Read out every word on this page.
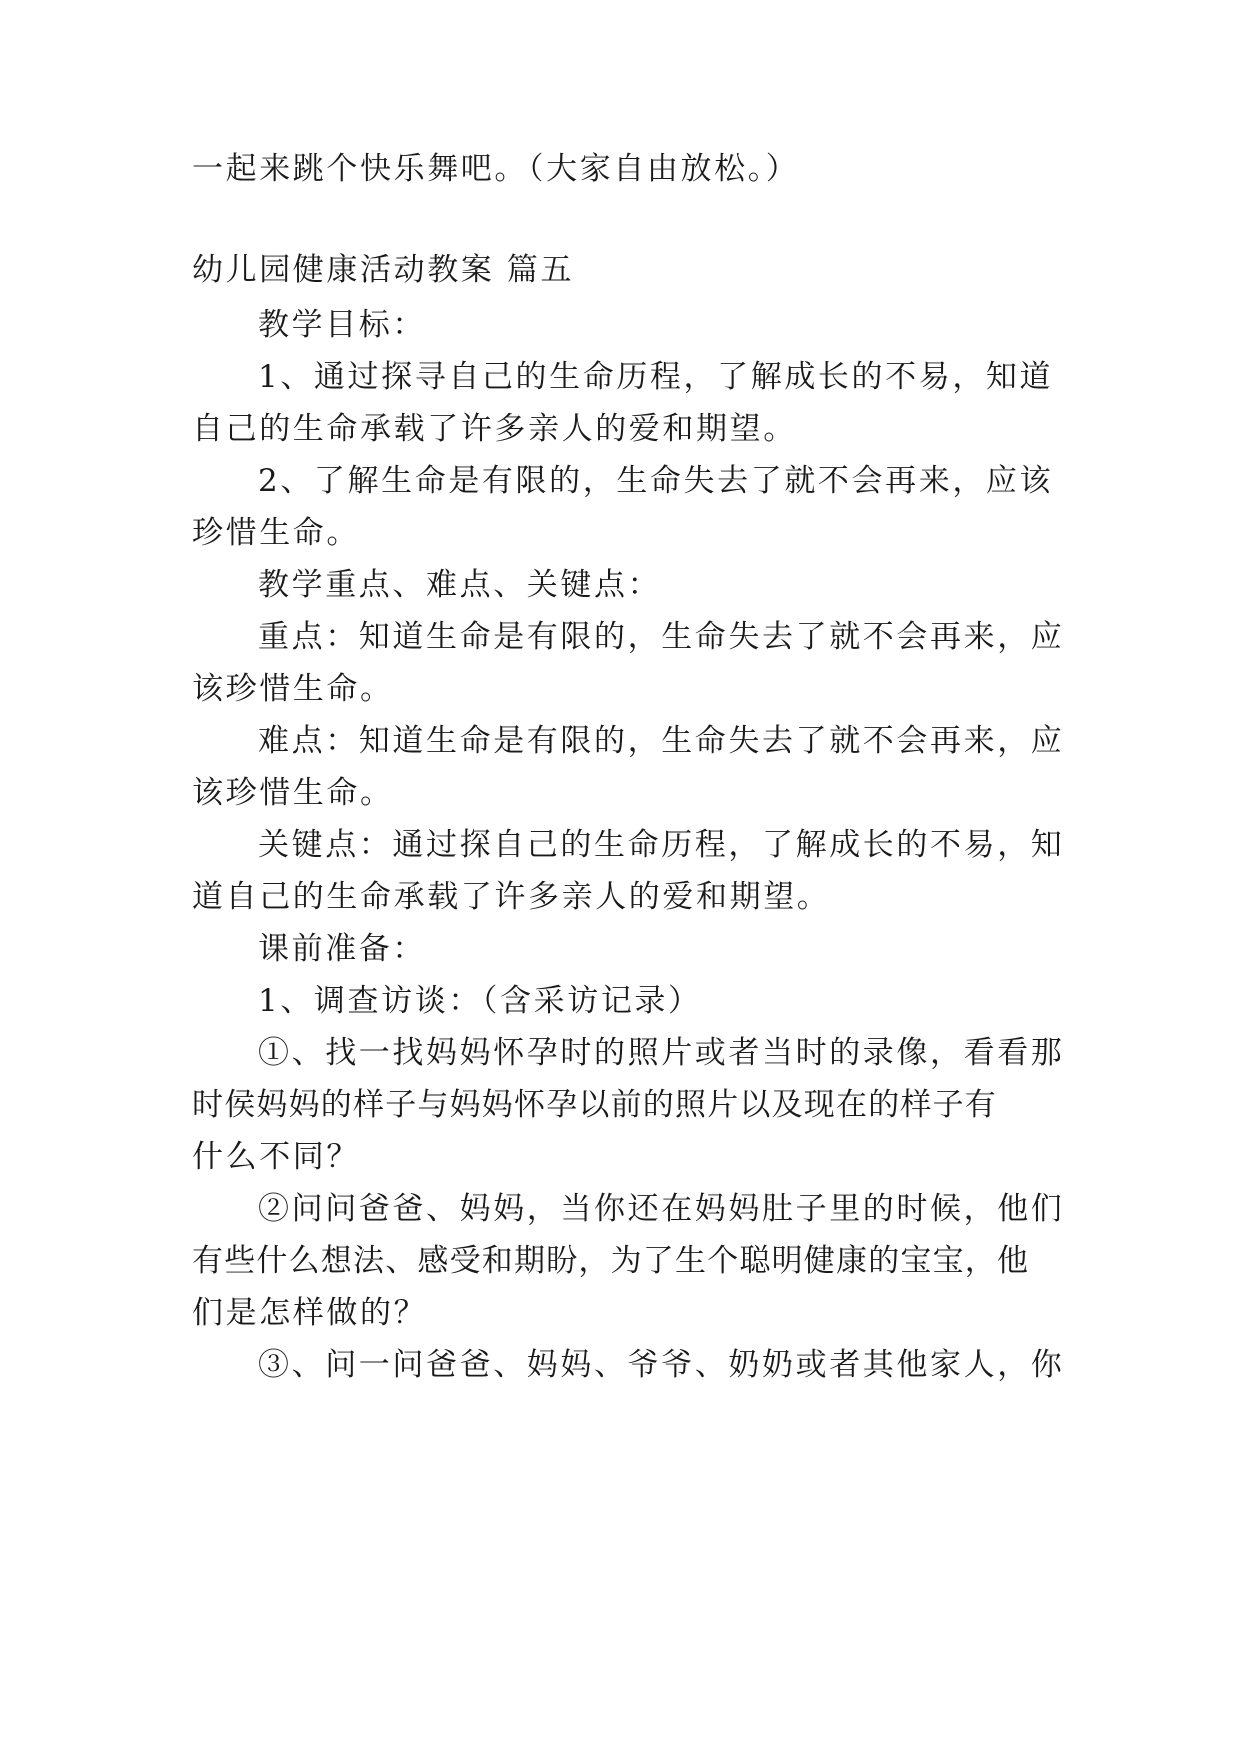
一起来跳个快乐舞吧。（大家自由放松。）
幼儿园健康活动教案 篇五
教学目标：
1、通过探寻自己的生命历程，了解成长的不易，知道
自己的生命承载了许多亲人的爱和期望。
2、了解生命是有限的，生命失去了就不会再来，应该
珍惜生命。
教学重点、难点、关键点：
重点：知道生命是有限的，生命失去了就不会再来，应
该珍惜生命。
难点：知道生命是有限的，生命失去了就不会再来，应
该珍惜生命。
关键点：通过探自己的生命历程，了解成长的不易，知
道自己的生命承载了许多亲人的爱和期望。
课前准备：
1、调查访谈：（含采访记录）
①、找一找妈妈怀孕时的照片或者当时的录像，看看那
时侯妈妈的样子与妈妈怀孕以前的照片以及现在的样子有
什么不同？
②问问爸爸、妈妈，当你还在妈妈肚子里的时候，他们
有些什么想法、感受和期盼，为了生个聪明健康的宝宝，他
们是怎样做的？
③、问一问爸爸、妈妈、爷爷、奶奶或者其他家人，你
